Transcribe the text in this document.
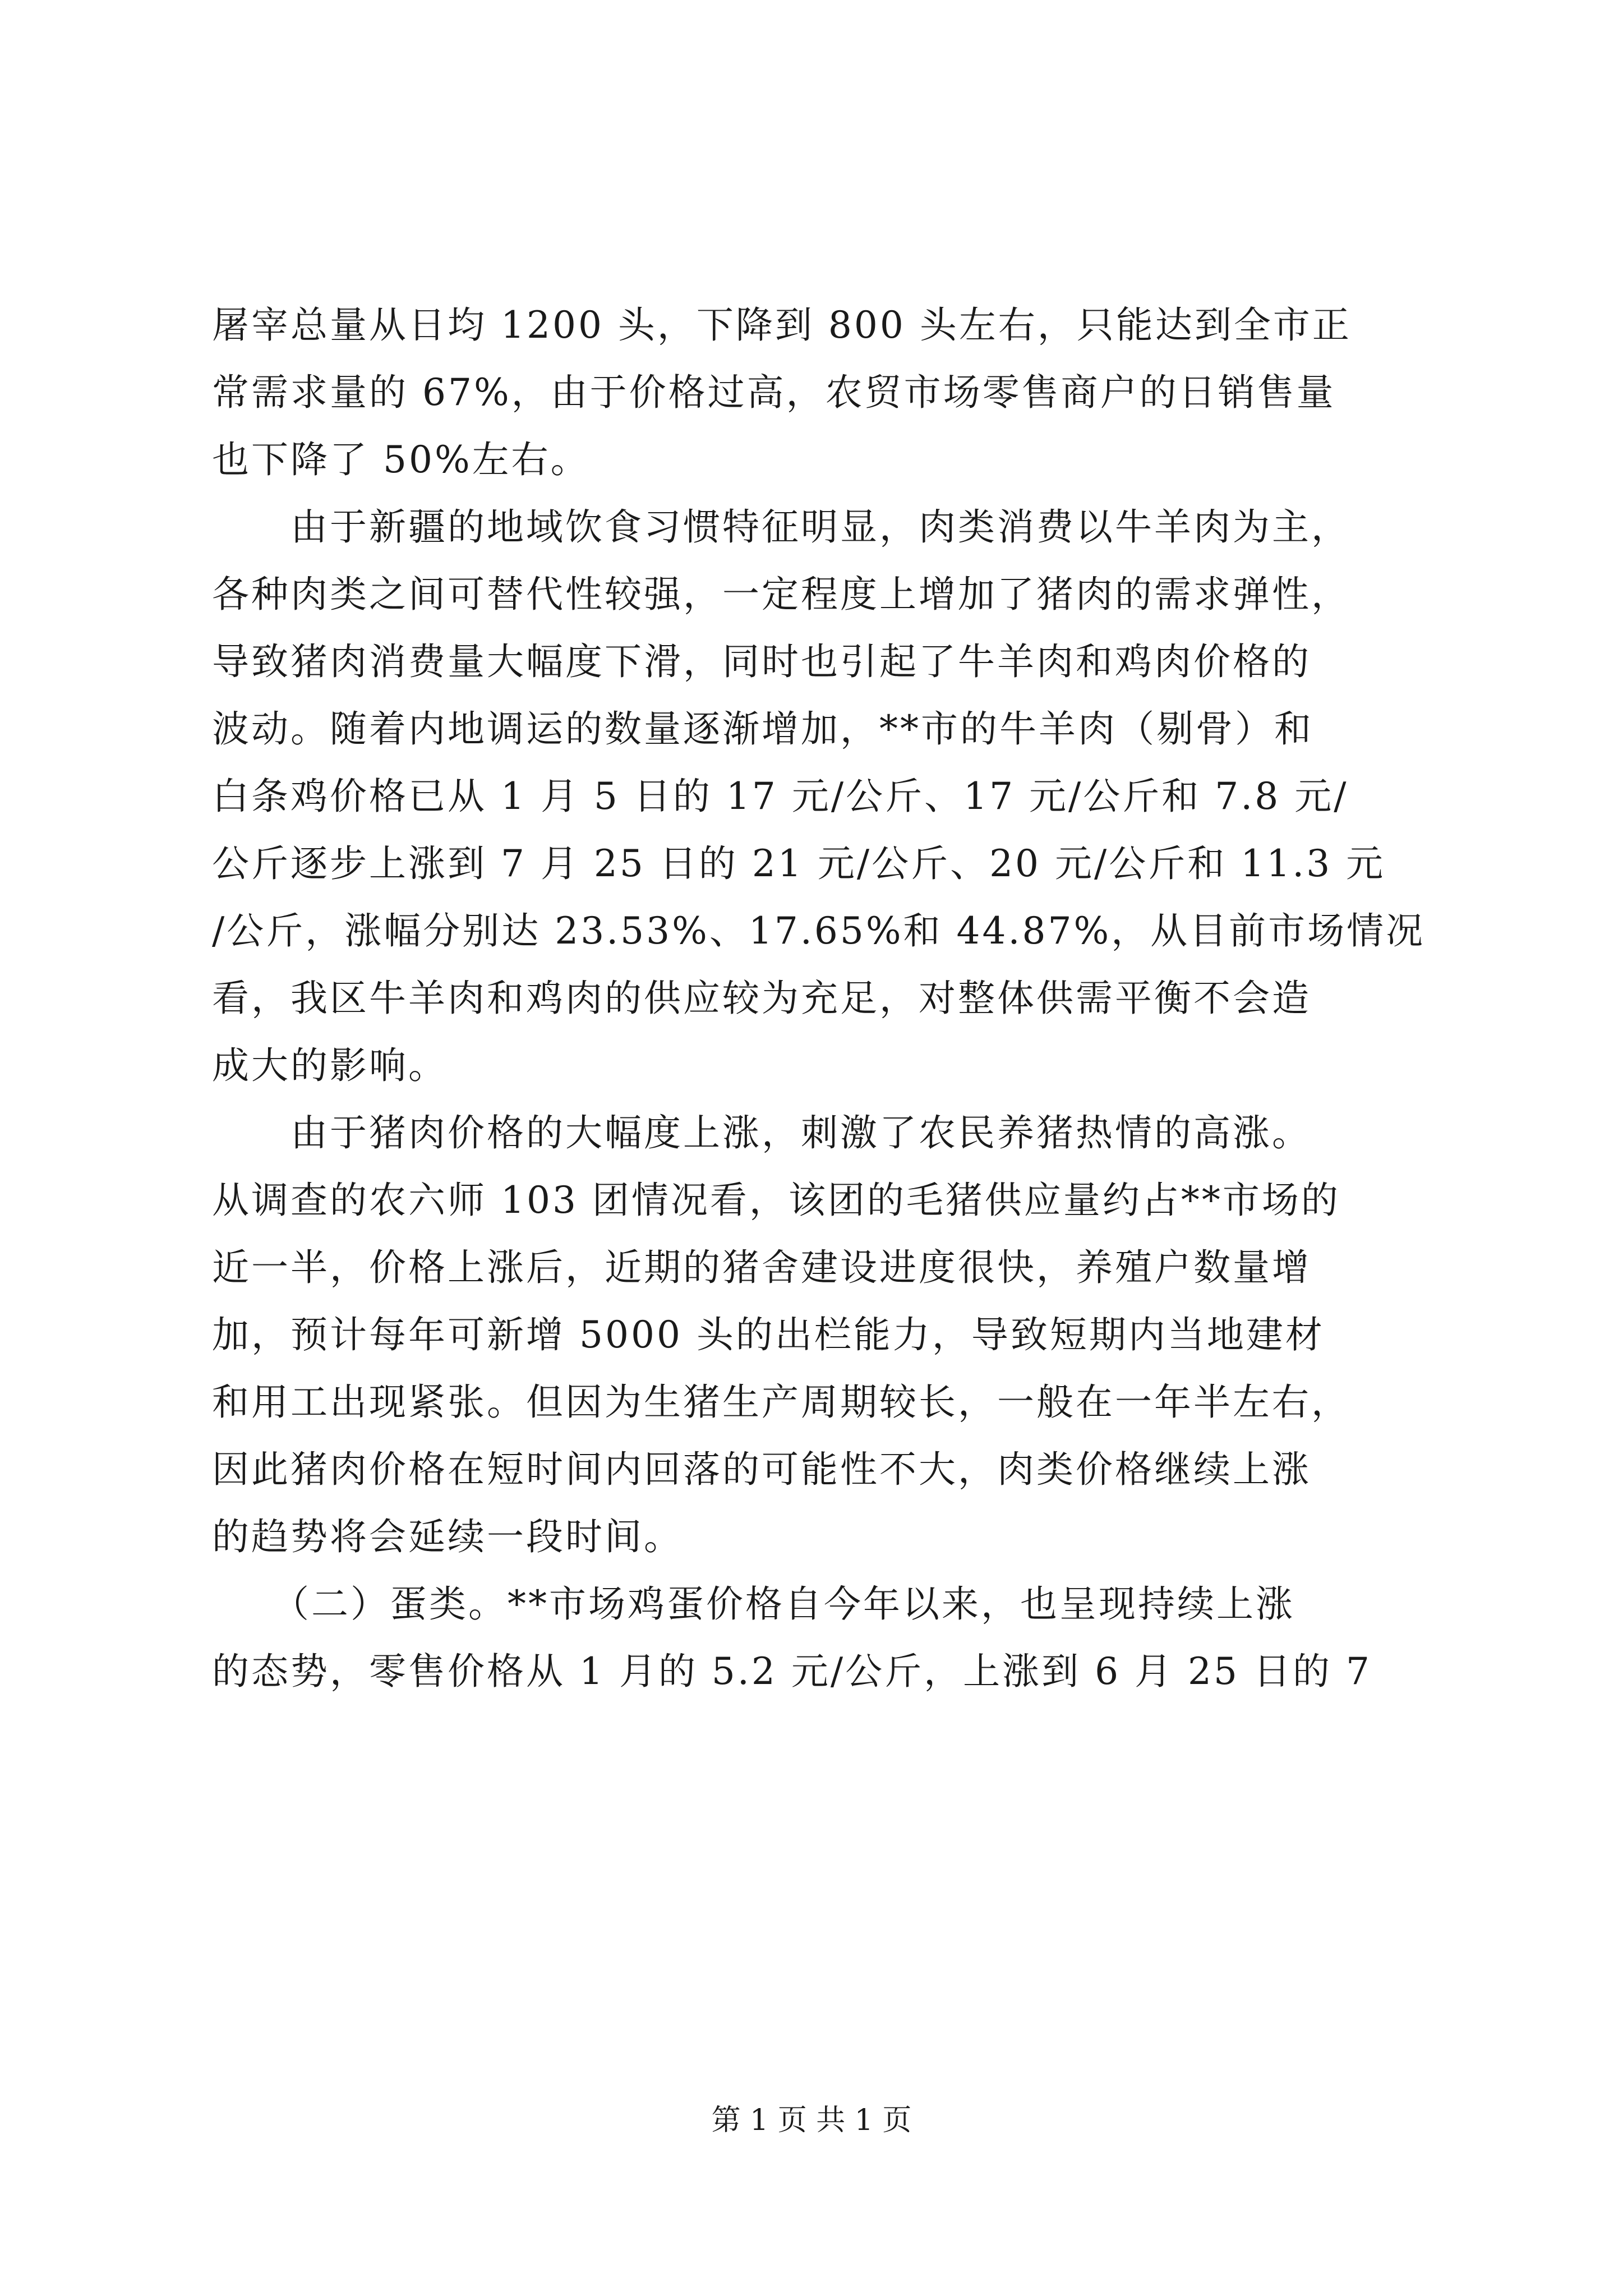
屠宰总量从日均 1200 头，下降到 800 头左右，只能达到全市正
常需求量的 67%，由于价格过高，农贸市场零售商户的日销售量
也下降了 50%左右。
　　由于新疆的地域饮食习惯特征明显，肉类消费以牛羊肉为主，
各种肉类之间可替代性较强，一定程度上增加了猪肉的需求弹性，
导致猪肉消费量大幅度下滑，同时也引起了牛羊肉和鸡肉价格的
波动。随着内地调运的数量逐渐增加，**市的牛羊肉（剔骨）和
白条鸡价格已从 1 月 5 日的 17 元/公斤、17 元/公斤和 7.8 元/
公斤逐步上涨到 7 月 25 日的 21 元/公斤、20 元/公斤和 11.3 元
/公斤，涨幅分别达 23.53%、17.65%和 44.87%，从目前市场情况
看，我区牛羊肉和鸡肉的供应较为充足，对整体供需平衡不会造
成大的影响。
　　由于猪肉价格的大幅度上涨，刺激了农民养猪热情的高涨。
从调查的农六师 103 团情况看，该团的毛猪供应量约占**市场的
近一半，价格上涨后，近期的猪舍建设进度很快，养殖户数量增
加，预计每年可新增 5000 头的出栏能力，导致短期内当地建材
和用工出现紧张。但因为生猪生产周期较长，一般在一年半左右，
因此猪肉价格在短时间内回落的可能性不大，肉类价格继续上涨
的趋势将会延续一段时间。
　　（二）蛋类。**市场鸡蛋价格自今年以来，也呈现持续上涨
的态势，零售价格从 1 月的 5.2 元/公斤，上涨到 6 月 25 日的 7
第 1 页 共 1 页
